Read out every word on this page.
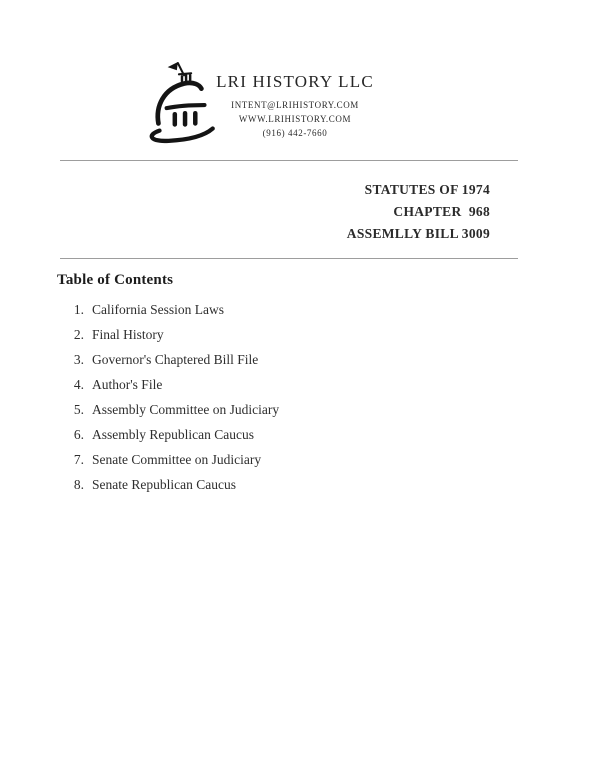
LRI HISTORY LLC
INTENT@LRIHISTORY.COM
WWW.LRIHISTORY.COM
(916) 442-7660
STATUTES OF 1974
CHAPTER  968
ASSEMLLY BILL 3009
Table of Contents
1. California Session Laws
2. Final History
3. Governor's Chaptered Bill File
4. Author's File
5. Assembly Committee on Judiciary
6. Assembly Republican Caucus
7. Senate Committee on Judiciary
8. Senate Republican Caucus
